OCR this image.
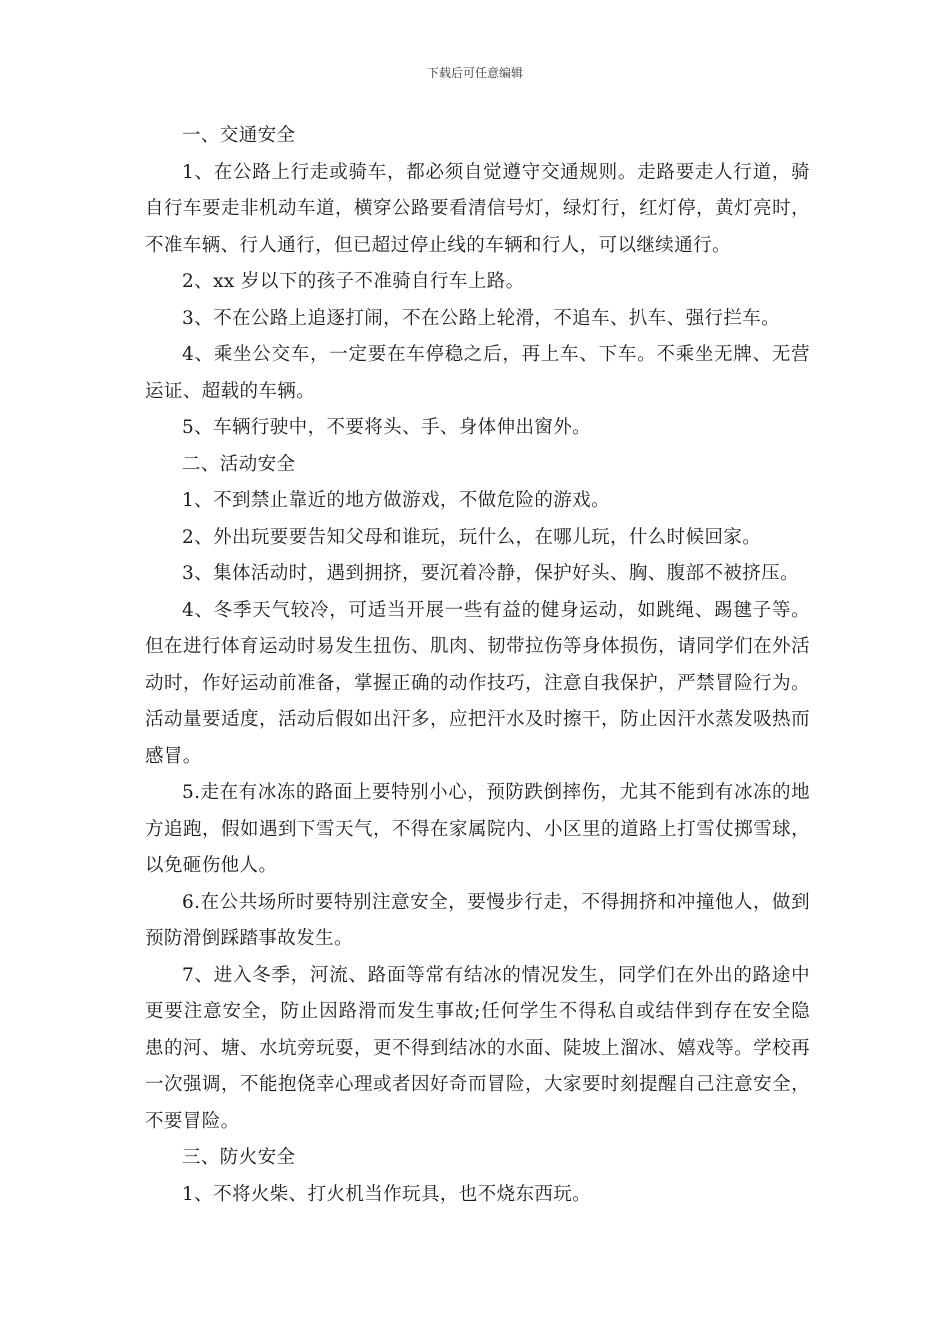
下载后可任意编辑

一、交通安全

1、在公路上行走或骑车，都必须自觉遵守交通规则。走路要走人行道，骑自行车要走非机动车道，横穿公路要看清信号灯，绿灯行，红灯停，黄灯亮时，不准车辆、行人通行，但已超过停止线的车辆和行人，可以继续通行。

2、xx 岁以下的孩子不准骑自行车上路。

3、不在公路上追逐打闹，不在公路上轮滑，不追车、扒车、强行拦车。

4、乘坐公交车，一定要在车停稳之后，再上车、下车。不乘坐无牌、无营运证、超载的车辆。

5、车辆行驶中，不要将头、手、身体伸出窗外。

二、活动安全

1、不到禁止靠近的地方做游戏，不做危险的游戏。

2、外出玩要要告知父母和谁玩，玩什么，在哪儿玩，什么时候回家。

3、集体活动时，遇到拥挤，要沉着冷静，保护好头、胸、腹部不被挤压。

4、冬季天气较冷，可适当开展一些有益的健身运动，如跳绳、踢毽子等。但在进行体育运动时易发生扭伤、肌肉、韧带拉伤等身体损伤，请同学们在外活动时，作好运动前准备，掌握正确的动作技巧，注意自我保护，严禁冒险行为。活动量要适度，活动后假如出汗多，应把汗水及时擦干，防止因汗水蒸发吸热而感冒。

5.走在有冰冻的路面上要特别小心，预防跌倒摔伤，尤其不能到有冰冻的地方追跑，假如遇到下雪天气，不得在家属院内、小区里的道路上打雪仗掷雪球，以免砸伤他人。

6.在公共场所时要特别注意安全，要慢步行走，不得拥挤和冲撞他人，做到预防滑倒踩踏事故发生。

7、进入冬季，河流、路面等常有结冰的情况发生，同学们在外出的路途中更要注意安全，防止因路滑而发生事故;任何学生不得私自或结伴到存在安全隐患的河、塘、水坑旁玩耍，更不得到结冰的水面、陡坡上溜冰、嬉戏等。学校再一次强调，不能抱侥幸心理或者因好奇而冒险，大家要时刻提醒自己注意安全，不要冒险。

三、防火安全

1、不将火柴、打火机当作玩具，也不烧东西玩。
